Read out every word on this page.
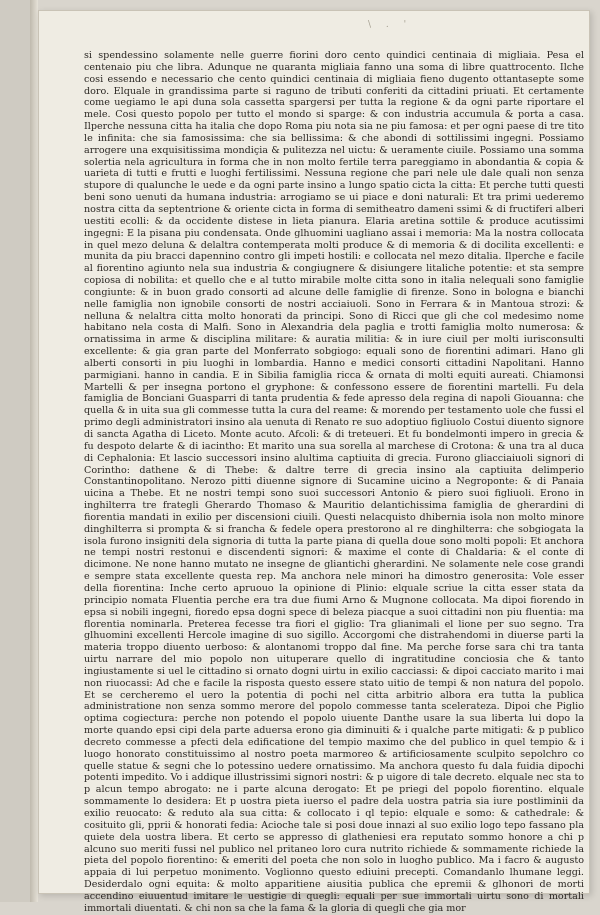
\ . '

si spendessino solamente nelle guerre fiorini doro cento quindici centinaia di migliaia. Pesa el centenaio piu che libra. Adunque ne quaranta migliaia fanno una soma di libre quattrocento. Ilche cosi essendo e necessario che cento quindici centinaia di migliaia fieno dugento ottantasepte some doro. Elquale in grandissima parte si raguno de tributi conferiti da cittadini priuati. Et certamente come uegiamo le api duna sola cassetta spargersi per tutta la regione & da ogni parte riportare el mele. Cosi questo popolo per tutto el mondo si sparge: & con industria accumula & porta a casa. Ilperche nessuna citta ha italia che dopo Roma piu nota sia ne piu famosa: et per ogni paese di tre tito le infinita: che sia famosissima: che sia bellissima: & che abondi di sottilissimi ingegni. Possiamo arrogere una exquisitissima mondiçia & pulitezza nel uictu: & ueramente ciuile. Possiamo una somma solertia nela agricultura in forma che in non molto fertile terra pareggiamo in abondantia & copia & uarieta di tutti e frutti e luoghi fertilissimi. Nessuna regione che pari nele ule dale quali non senza stupore di qualunche le uede e da ogni parte insino a lungo spatio cicta la citta: Et perche tutti questi beni sono uenuti da humana industria: arrogiamo se ui piace e doni naturali: Et tra primi uederemo nostra citta da septentrione & oriente cicta in forma di semitheatro dameni ssimi & di fructiferi alberi uestiti ecolli: & da occidente distese in lieta pianura. Elaria aretina sottile & produce acutissimi ingegni: E la pisana piu condensata. Onde glhuomini uagliano assai i memoria: Ma la nostra collocata in quel mezo deluna & delaltra contemperata molti produce & di memoria & di docilita excellenti: e munita da piu bracci dapennino contro gli impeti hostili: e collocata nel mezo ditalia. Ilperche e facile al fiorentino agiunto nela sua industria & congiugnere & disiungere litaliche potentie: et sta sempre copiosa di nobilita: et quello che e al tutto mirabile molte citta sono in italia nelequali sono famiglie congiunte: & in buon grado consorti ad alcune delle famiglie di firenze. Sono in bologna e bianchi nelle famiglia non ignobile consorti de nostri acciaiuoli. Sono in Ferrara & in Mantoua strozi: & nelluna & nelaltra citta molto honorati da principi. Sono di Ricci que gli che col medesimo nome habitano nela costa di Malfi. Sono in Alexandria dela paglia e trotti famiglia molto numerosa: & ornatissima in arme & disciplina militare: & auratia militia: & in iure ciuil per molti iurisconsulti excellente: & gia gran parte del Monferrato sobgiogo: equali sono de fiorentini adimari. Hano gli alberti consorti in piu luoghi in lombardia. Hanno e medici consorti cittadini Napolitani. Hanno parmigiani. hanno in candia. E in Sibilia famiglia ricca & ornata di molti equiti aureati. Chiamonsi Martelli & per insegna portono el gryphone: & confessono essere de fiorentini martelli. Fu dela famiglia de Bonciani Guasparri di tanta prudentia & fede apresso dela regina di napoli Giouanna: che quella & in uita sua gli commesse tutta la cura del reame: & morendo per testamento uole che fussi el primo degli administratori insino ala uenuta di Renato re suo adoptiuo figliuolo Costui diuento signore di sancta Agatha di Liceto. Monte acuto. Afcoli: & di treteueri. Et fu bondelmonti impero in grecia & fu despoto delarte & di iacintho: Et marito una sua sorella al marchese di Crotona: & una tra al duca di Cephalonia: Et lascio successori insino alultima captiuita di grecia. Furono gliacciaiuoli signori di Corintho: dathene & di Thebe: & daltre terre di grecia insino ala captiuita delimperio Constantinopolitano. Nerozo pitti diuenne signore di Sucamine uicino a Negroponte: & di Panaia uicina a Thebe. Et ne nostri tempi sono suoi successori Antonio & piero suoi figliuoli. Erono in inghilterra tre frategli Gherardo Thomaso & Mauritio delantichissima famiglia de gherardini di fiorentia mandati in exilio per discensioni ciuili. Questi nelacquisto dhibernia isola non molto minore dinghilterra si prompta & si francha & fedele opera prestorono al re dinghilterra: che sobgiogata la isola furono insigniti dela signoria di tutta la parte piana di quella doue sono molti popoli: Et anchora ne tempi nostri restonui e discendenti signori: & maxime el conte di Chaldaria: & el conte di dicimone. Ne none hanno mutato ne insegne de gliantichi gherardini. Ne solamente nele cose grandi e sempre stata excellente questa rep. Ma anchora nele minori ha dimostro generosita: Vole esser della fiorentina: Inche certo apruouo la opinione di Plinio: elquale scriue la citta esser stata da principio nomata Fluentia perche era tra due fiumi Arno & Mugnone collocata. Ma dipoi fiorendo in epsa si nobili ingegni, fioredo epsa dogni spece di beleza piacque a suoi cittadini non piu fluentia: ma florentia nominarla. Preterea fecesse tra fiori el giglio: Tra glianimali el lione per suo segno. Tra glhuomini excellenti Hercole imagine di suo sigillo. Accorgomi che distrahendomi in diuerse parti la materia troppo diuento uerboso: & alontanomi troppo dal fine. Ma perche forse sara chi tra tanta uirtu narrare del mio popolo non uituperare quello di ingratitudine conciosia che & tanto ingiustamente si uel le cittadino si ornato dogni uirtu in exilio cacciassi: & dipoi cacciato marito i mai non riuocassi: Ad che e facile la risposta questo essere stato uitio de tempi & non natura del popolo. Et se cercheremo el uero la potentia di pochi nel citta arbitrio albora era tutta la publica administratione non senza sommo merore del popolo commesse tanta scelerateza. Dipoi che Piglio optima cogiectura: perche non potendo el popolo uiuente Danthe usare la sua liberta lui dopo la morte quando epsi cipi dela parte aduersa erono gia diminuiti & i qualche parte mitigati: & p publico decreto commesse a pfecti dela edificatione del tempio maximo che del publico in quel tempio & i luogo honorato constituissimo al nostro poeta marmoreo & artificiosamente sculpito sepolchro co quelle statue & segni che lo potessino uedere ornatissimo. Ma anchora questo fu dala fuidia dipochi potenti impedito. Vo i addique illustrissimi signori nostri: & p uigore di tale decreto. elquale nec sta to p alcun tempo abrogato: ne i parte alcuna derogato: Et pe priegi del popolo fiorentino. elquale sommamente lo desidera: Et p uostra pieta iuerso el padre dela uostra patria sia iure postliminii da exilio reuocato: & reduto ala sua citta: & collocato i ql tepio: elquale e somo: & cathedrale: & cosituito gli, pprii & honorati fedia: Acioche tale si posi doue innazi al suo exilio logo tepo fassano pla quiete dela uostra libera. Et certo se appresso di glatheniesi era reputato sommo honore a chi p alcuno suo meriti fussi nel publico nel pritaneo loro cura nutrito richiede & sommamente richiede la pieta del popolo fiorentino: & emeriti del poeta che non solo in luogho publico. Ma i facro & augusto appaia di lui perpetuo monimento. Voglionno questo ediuini precepti. Comandanlo lhumane leggi. Desiderdalo ogni equita: & molto apparitiene aiusitia publica che epremii & glhonori de morti accendino eiuuentud imitare le uestigie di quegli: equali per sue immortali uirtu sono di mortali immortali diuentati. & chi non sa che la fama & la gloria di quegli che gia mor
